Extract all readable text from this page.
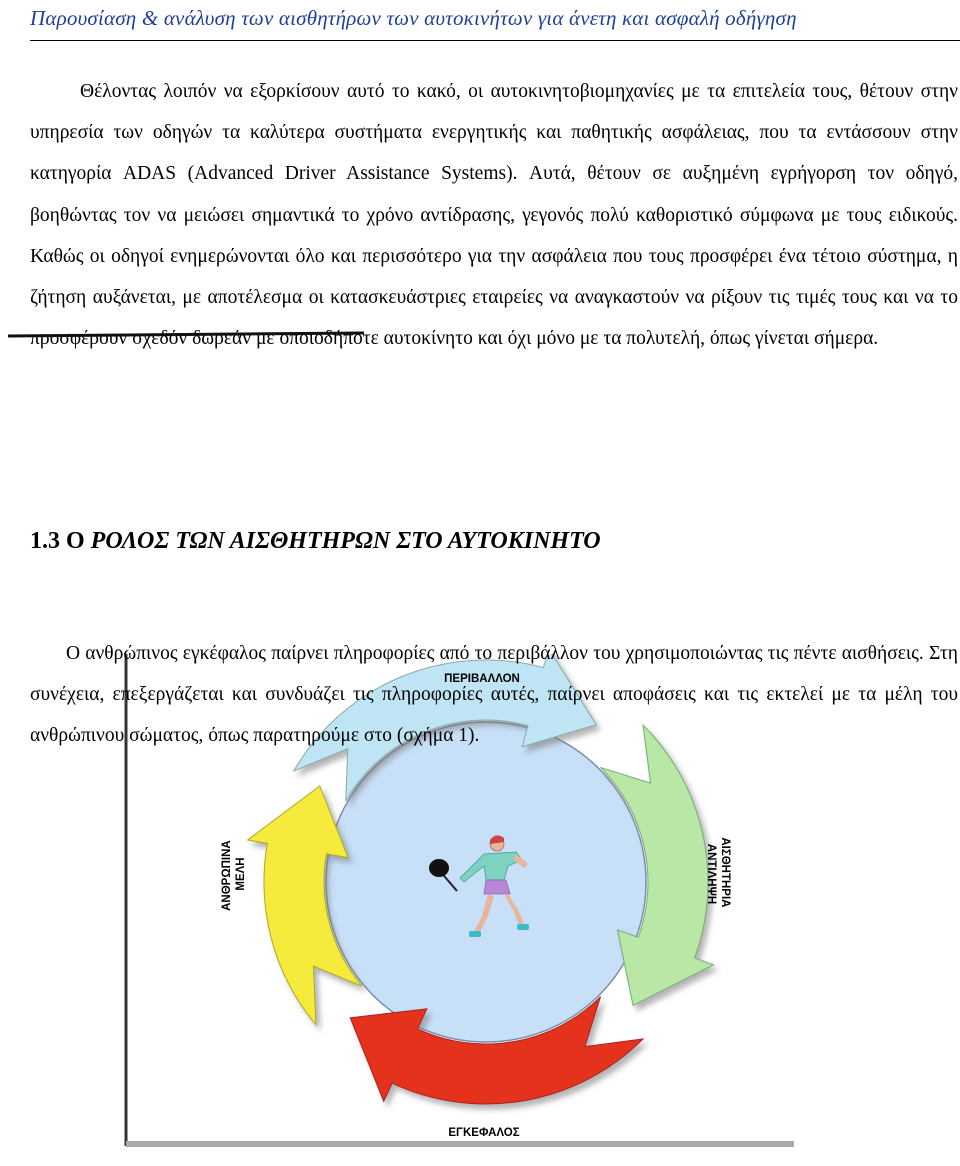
Παρουσίαση & ανάλυση των αισθητήρων των αυτοκινήτων για άνετη και ασφαλή οδήγηση

Θέλοντας λοιπόν να εξορκίσουν αυτό το κακό, οι αυτοκινητοβιομηχανίες με τα επιτελεία τους, θέτουν στην υπηρεσία των οδηγών τα καλύτερα συστήματα ενεργητικής και παθητικής ασφάλειας, που τα εντάσσουν στην κατηγορία ADAS (Advanced Driver Assistance Systems). Αυτά, θέτουν σε αυξημένη εγρήγορση τον οδηγό, βοηθώντας τον να μειώσει σημαντικά το χρόνο αντίδρασης, γεγονός πολύ καθοριστικό σύμφωνα με τους ειδικούς. Καθώς οι οδηγοί ενημερώνονται όλο και περισσότερο για την ασφάλεια που τους προσφέρει ένα τέτοιο σύστημα, η ζήτηση αυξάνεται, με αποτέλεσμα οι κατασκευάστριες εταιρείες να αναγκαστούν να ρίξουν τις τιμές τους και να το προσφέρουν σχεδόν δωρεάν με οποιοδήποτε αυτοκίνητο και όχι μόνο με τα πολυτελή, όπως γίνεται σήμερα.

1.3 Ο ΡΟΛΟΣ ΤΩΝ ΑΙΣΘΗΤΗΡΩΝ ΣΤΟ ΑΥΤΟΚΙΝΗΤΟ
ΠΕΡΙΒΑΛΛΟΝ
ΕΓΚΕΦΑΛΟΣ
ΑΝΘΡΩΠΙΝΑ ΜΕΛΗ	ΑΙΣΘΗΤΗΡΙΑ ΑΝΤΙΛΗΨΗ

Ο ανθρώπινος εγκέφαλος παίρνει πληροφορίες από το περιβάλλον του χρησιμοποιώντας τις πέντε αισθήσεις. Στη συνέχεια, επεξεργάζεται και συνδυάζει τις πληροφορίες αυτές, παίρνει αποφάσεις και τις εκτελεί με τα μέλη του ανθρώπινου σώματος, όπως παρατηρούμε στο (σχήμα 1).
